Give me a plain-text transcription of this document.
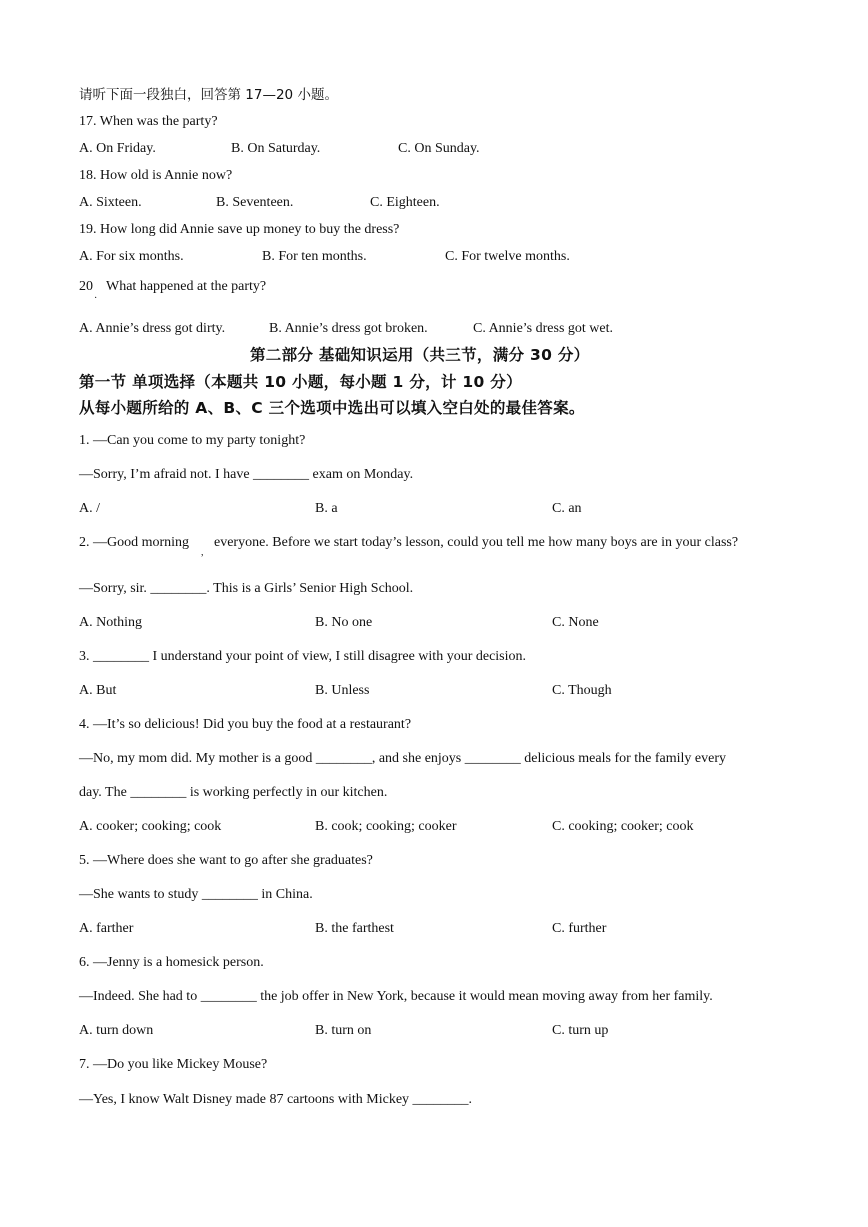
请听下面一段独白，回答第 17—20 小题。
17. When was the party?
A. On Friday.	B. On Saturday.	C. On Sunday.
18. How old is Annie now?
A. Sixteen.	B. Seventeen.	C. Eighteen.
19. How long did Annie save up money to buy the dress?
A. For six months.	B. For ten months.	C. For twelve months.
20
·
What happened at the party?
A. Annie’s dress got dirty.	B. Annie’s dress got broken.	C. Annie’s dress got wet.
第二部分 基础知识运用（共三节，满分 30 分）
第一节 单项选择（本题共 10 小题，每小题 1 分，计 10 分）
从每小题所给的 A、B、C 三个选项中选出可以填入空白处的最佳答案。
1. —Can you come to my party tonight?
—Sorry, I’m afraid not. I have ________ exam on Monday.
A. /	B. a	C. an
2. —Good morning
,
everyone. Before we start today’s lesson, could you tell me how many boys are in your class?
—Sorry, sir. ________. This is a Girls’ Senior High School.
A. Nothing	B. No one	C. None
3. ________ I understand your point of view, I still disagree with your decision.
A. But	B. Unless	C. Though
4. —It’s so delicious! Did you buy the food at a restaurant?
—No, my mom did. My mother is a good ________, and she enjoys ________ delicious meals for the family every
day. The ________ is working perfectly in our kitchen.
A. cooker; cooking; cook	B. cook; cooking; cooker	C. cooking; cooker; cook
5. —Where does she want to go after she graduates?
—She wants to study ________ in China.
A. farther	B. the farthest	C. further
6. —Jenny is a homesick person.
—Indeed. She had to ________ the job offer in New York, because it would mean moving away from her family.
A. turn down	B. turn on	C. turn up
7. —Do you like Mickey Mouse?
—Yes, I know Walt Disney made 87 cartoons with Mickey ________.
